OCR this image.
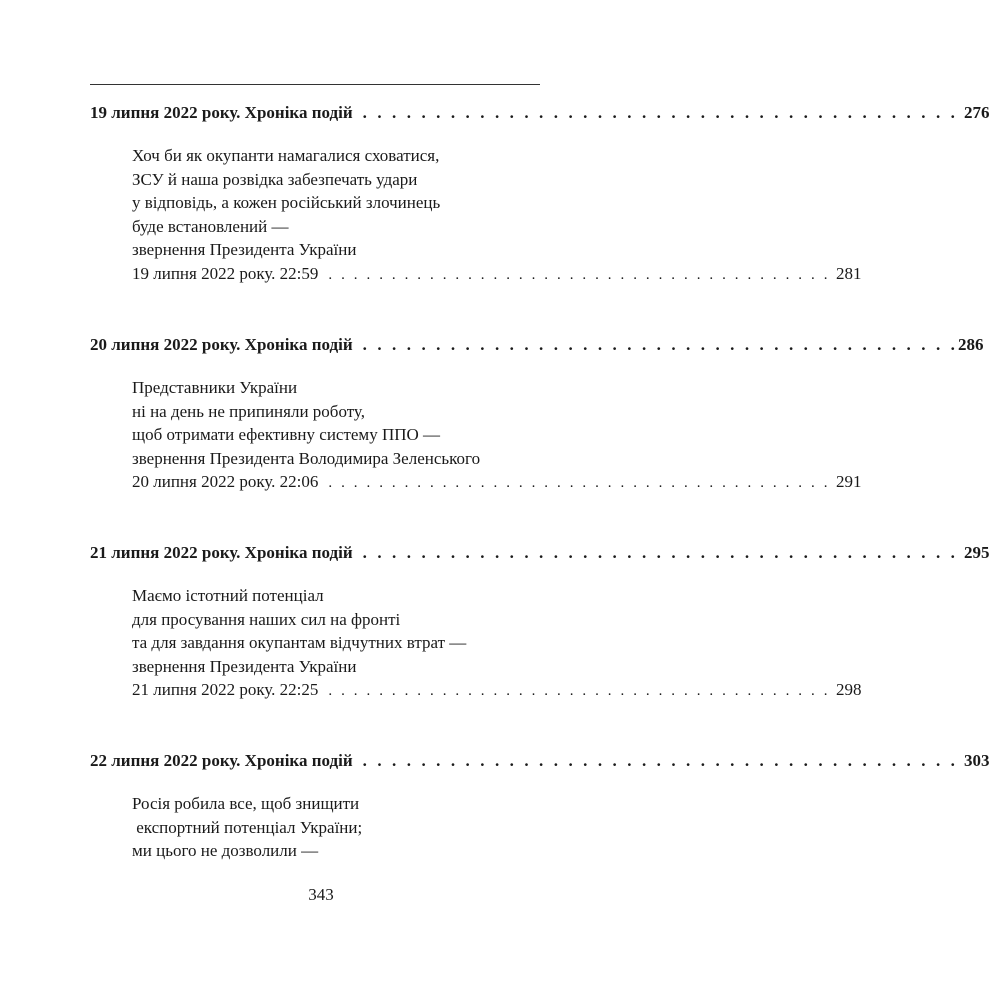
19 липня 2022 року. Хроніка подій . . . . . . . . . . . . . . . . . . . . . . . . . . . . . . . . . . . . . . . . . 276
Хоч би як окупанти намагалися сховатися,
ЗСУ й наша розвідка забезпечать удари
у відповідь, а кожен російський злочинець
буде встановлений —
звернення Президента України
19 липня 2022 року. 22:59 . . . . . . . . . . . . . . . . . . . . . . . . . . . . . . . . . . . . . . . . 281
20 липня 2022 року. Хроніка подій . . . . . . . . . . . . . . . . . . . . . . . . . . . . . . . . . . . . . . . . . 286
Представники України
ні на день не припиняли роботу,
щоб отримати ефективну систему ППО —
звернення Президента Володимира Зеленського
20 липня 2022 року. 22:06 . . . . . . . . . . . . . . . . . . . . . . . . . . . . . . . . . . . . . . . . 291
21 липня 2022 року. Хроніка подій . . . . . . . . . . . . . . . . . . . . . . . . . . . . . . . . . . . . . . . . . 295
Маємо істотний потенціал
для просування наших сил на фронті
та для завдання окупантам відчутних втрат —
звернення Президента України
21 липня 2022 року. 22:25 . . . . . . . . . . . . . . . . . . . . . . . . . . . . . . . . . . . . . . . . 298
22 липня 2022 року. Хроніка подій . . . . . . . . . . . . . . . . . . . . . . . . . . . . . . . . . . . . . . . . . 303
Росія робила все, щоб знищити
експортний потенціал України;
ми цього не дозволили —
343
